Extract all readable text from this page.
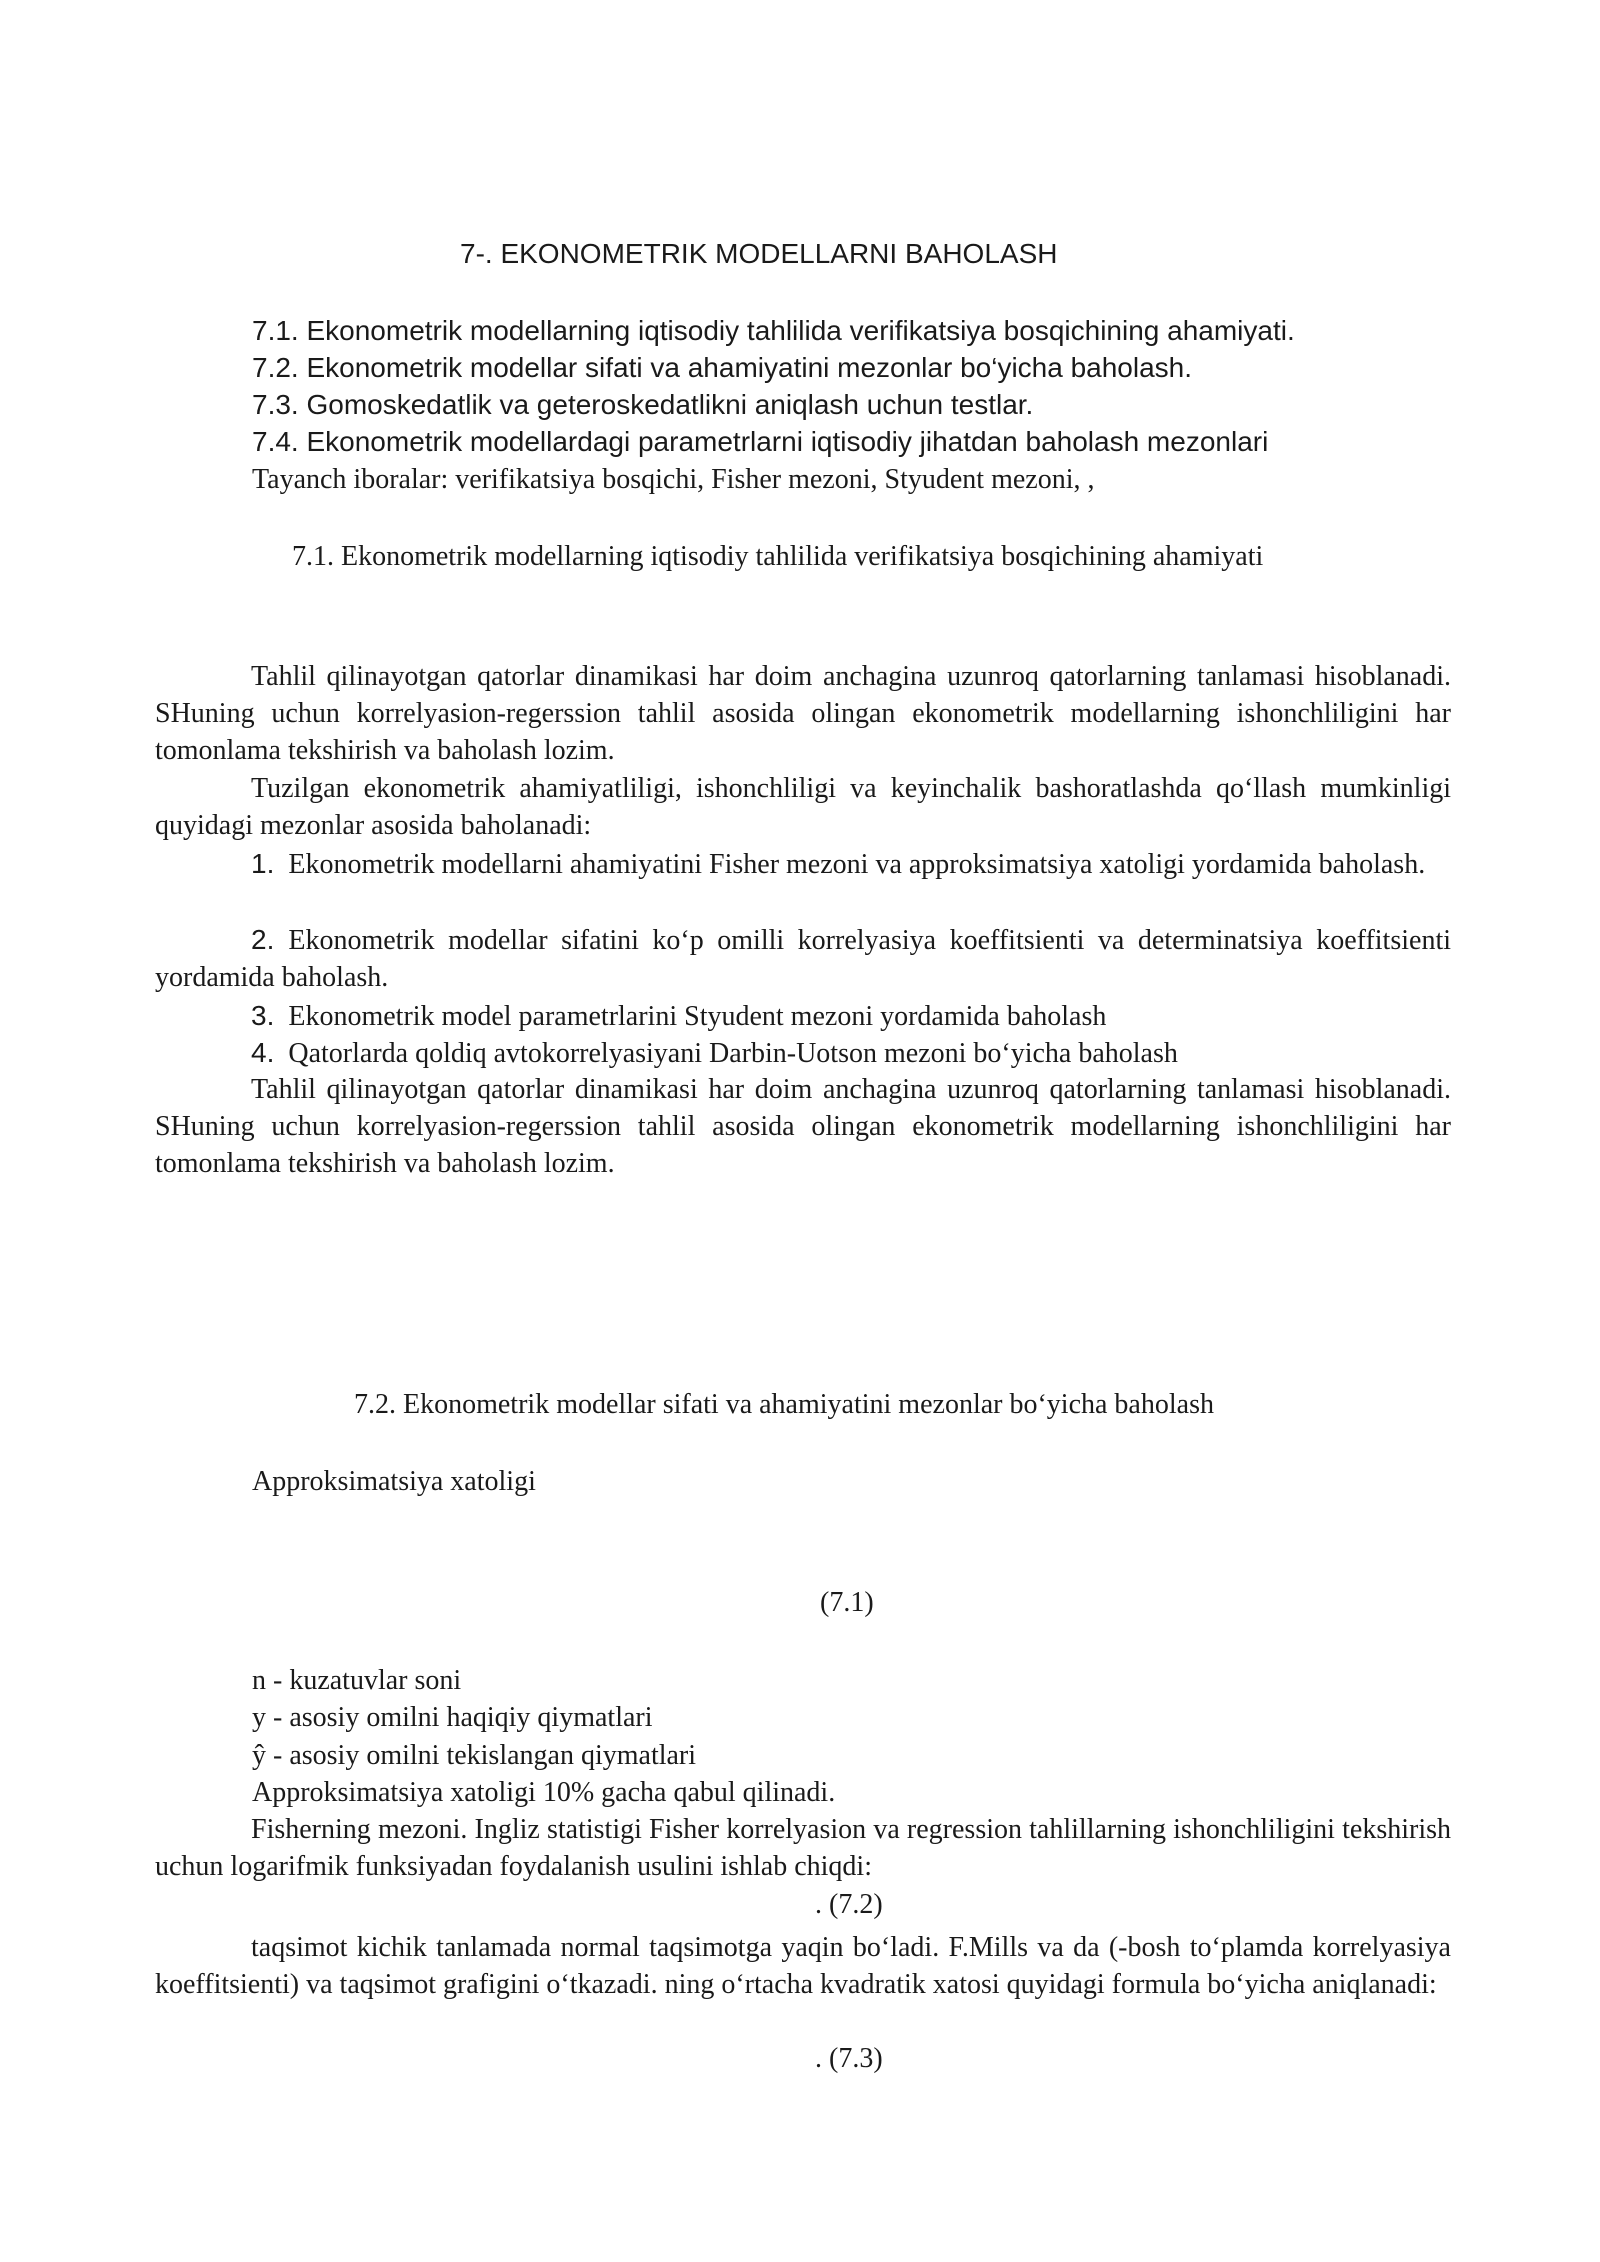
7-. EKONOMETRIK MODELLARNI BAHOLASH
7.1. Ekonometrik modellarning iqtisodiy tahlilida verifikatsiya bosqichining ahamiyati.
7.2. Ekonometrik modellar sifati va ahamiyatini mezonlar bo‘yicha baholash.
7.3. Gomoskedatlik va geteroskedatlikni aniqlash uchun testlar.
7.4. Ekonometrik modellardagi parametrlarni iqtisodiy jihatdan baholash mezonlari
Tayanch iboralar: verifikatsiya bosqichi, Fisher mezoni, Styudent mezoni, ,
7.1. Ekonometrik modellarning iqtisodiy tahlilida verifikatsiya bosqichining ahamiyati
Tahlil qilinayotgan qatorlar dinamikasi har doim anchagina uzunroq qatorlarning tanlamasi hisoblanadi. SHuning uchun korrelyasion-regerssion tahlil asosida olingan ekonometrik modellarning ishonchliligini har tomonlama tekshirish va baholash lozim.
Tuzilgan ekonometrik ahamiyatliligi, ishonchliligi va keyinchalik bashoratlashda qo‘llash mumkinligi quyidagi mezonlar asosida baholanadi:
1. Ekonometrik modellarni ahamiyatini Fisher mezoni va approksimatsiya xatoligi yordamida baholash.
2. Ekonometrik modellar sifatini ko‘p omilli korrelyasiya koeffitsienti va determinatsiya koeffitsienti yordamida baholash.
3. Ekonometrik model parametrlarini Styudent mezoni yordamida baholash
4. Qatorlarda qoldiq avtokorrelyasiyani Darbin-Uotson mezoni bo‘yicha baholash
Tahlil qilinayotgan qatorlar dinamikasi har doim anchagina uzunroq qatorlarning tanlamasi hisoblanadi. SHuning uchun korrelyasion-regerssion tahlil asosida olingan ekonometrik modellarning ishonchliligini har tomonlama tekshirish va baholash lozim.
7.2. Ekonometrik modellar sifati va ahamiyatini mezonlar bo‘yicha baholash
Approksimatsiya xatoligi
(7.1)
n - kuzatuvlar soni
y - asosiy omilni haqiqiy qiymatlari
ŷ - asosiy omilni tekislangan qiymatlari
Approksimatsiya xatoligi 10% gacha qabul qilinadi.
Fisherning mezoni. Ingliz statistigi Fisher korrelyasion va regression tahlillarning ishonchliligini tekshirish uchun logarifmik funksiyadan foydalanish usulini ishlab chiqdi:
. (7.2)
taqsimot kichik tanlamada normal taqsimotga yaqin bo‘ladi. F.Mills va da (-bosh to‘plamda korrelyasiya koeffitsienti) va taqsimot grafigini o‘tkazadi. ning o‘rtacha kvadratik xatosi quyidagi formula bo‘yicha aniqlanadi:
. (7.3)
